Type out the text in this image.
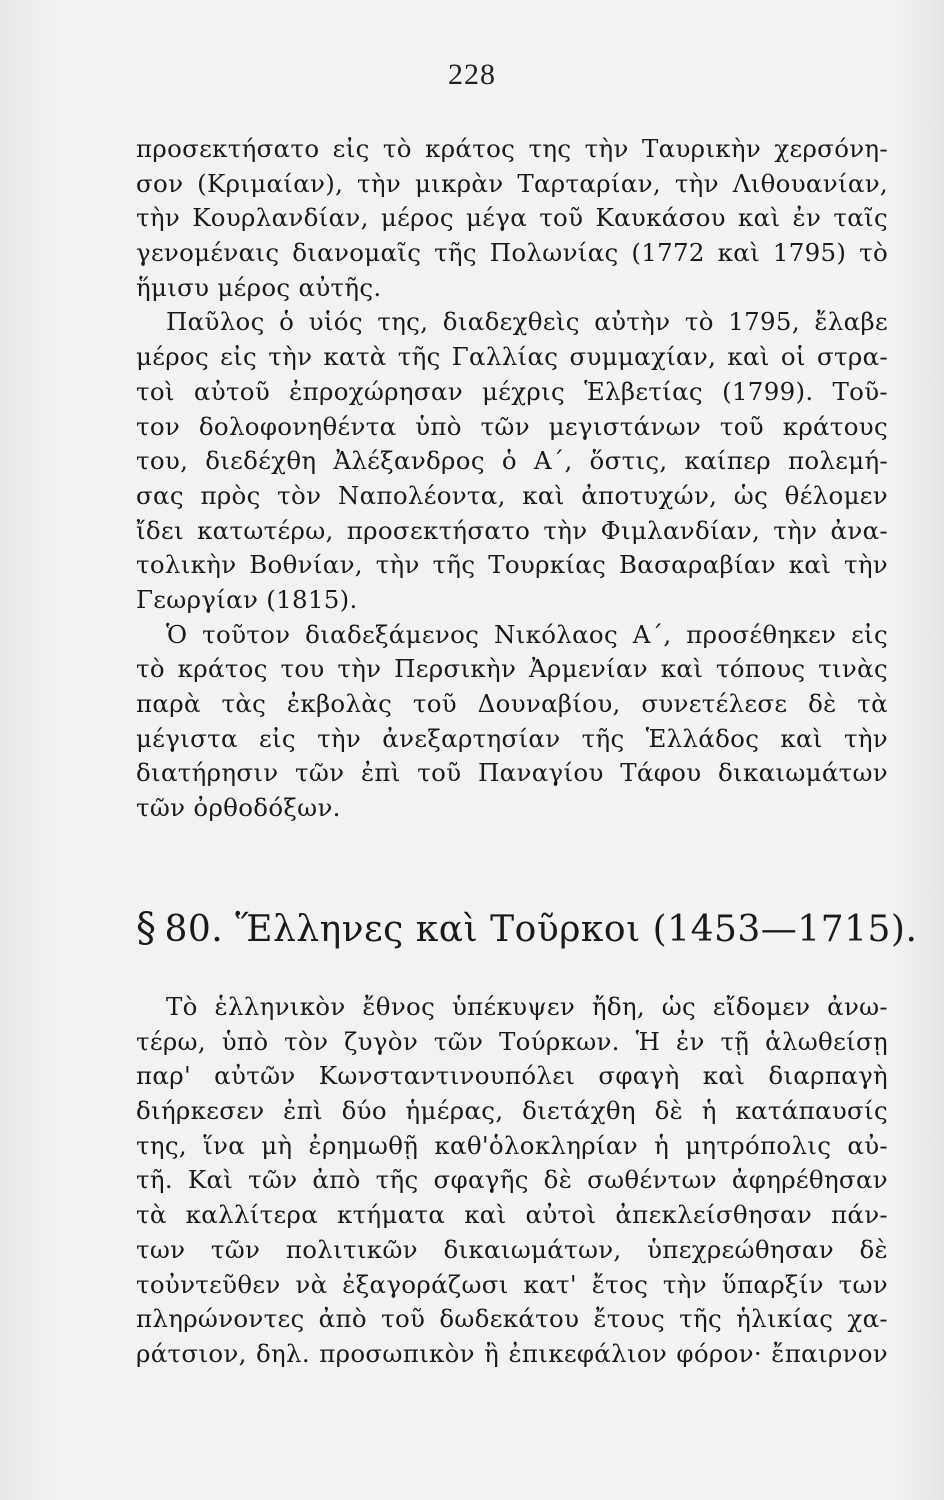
228
προσεκτήσατο εἰς τὸ κράτος της τὴν Ταυρικὴν χερσόνη-
σον (Κριμαίαν), τὴν μικρὰν Ταρταρίαν, τὴν Λιθουανίαν,
τὴν Κουρλανδίαν, μέρος μέγα τοῦ Καυκάσου καὶ ἐν ταῖς
γενομέναις διανομαῖς τῆς Πολωνίας (1772 καὶ 1795) τὸ
ἥμισυ μέρος αὐτῆς.
Παῦλος ὁ υἱός της, διαδεχθεὶς αὐτὴν τὸ 1795, ἔλαβε
μέρος εἰς τὴν κατὰ τῆς Γαλλίας συμμαχίαν, καὶ οἱ στρα-
τοὶ αὐτοῦ ἐπροχώρησαν μέχρις Ἑλβετίας (1799). Τοῦ-
τον δολοφονηθέντα ὑπὸ τῶν μεγιστάνων τοῦ κράτους
του, διεδέχθη Ἀλέξανδρος ὁ Α΄, ὅστις, καίπερ πολεμή-
σας πρὸς τὸν Ναπολέοντα, καὶ ἀποτυχών, ὡς θέλομεν
ἴδει κατωτέρω, προσεκτήσατο τὴν Φιμλανδίαν, τὴν ἀνα-
τολικὴν Βοθνίαν, τὴν τῆς Τουρκίας Βασαραβίαν καὶ τὴν
Γεωργίαν (1815).
Ὁ τοῦτον διαδεξάμενος Νικόλαος Α΄, προσέθηκεν εἰς
τὸ κράτος του τὴν Περσικὴν Ἀρμενίαν καὶ τόπους τινὰς
παρὰ τὰς ἐκβολὰς τοῦ Δουναβίου, συνετέλεσε δὲ τὰ
μέγιστα εἰς τὴν ἀνεξαρτησίαν τῆς Ἑλλάδος καὶ τὴν
διατήρησιν τῶν ἐπὶ τοῦ Παναγίου Τάφου δικαιωμάτων
τῶν ὀρθοδόξων.
§ 80. Ἕλληνες καὶ Τοῦρκοι (1453—1715).
Τὸ ἑλληνικὸν ἔθνος ὑπέκυψεν ἤδη, ὡς εἴδομεν ἀνω-
τέρω, ὑπὸ τὸν ζυγὸν τῶν Τούρκων. Ἡ ἐν τῇ ἁλωθείσῃ
παρ' αὐτῶν Κωνσταντινουπόλει σφαγὴ καὶ διαρπαγὴ
διήρκεσεν ἐπὶ δύο ἡμέρας, διετάχθη δὲ ἡ κατάπαυσίς
της, ἵνα μὴ ἐρημωθῇ καθ'ὁλοκληρίαν ἡ μητρόπολις αὐ-
τῆ. Καὶ τῶν ἀπὸ τῆς σφαγῆς δὲ σωθέντων ἀφηρέθησαν
τὰ καλλίτερα κτήματα καὶ αὐτοὶ ἀπεκλείσθησαν πάν-
των τῶν πολιτικῶν δικαιωμάτων, ὑπεχρεώθησαν δὲ
τοὐντεῦθεν νὰ ἐξαγοράζωσι κατ' ἔτος τὴν ὕπαρξίν των
πληρώνοντες ἀπὸ τοῦ δωδεκάτου ἔτους τῆς ἡλικίας χα-
ράτσιον, δηλ. προσωπικὸν ἢ ἐπικεφάλιον φόρον· ἔπαιρνον
